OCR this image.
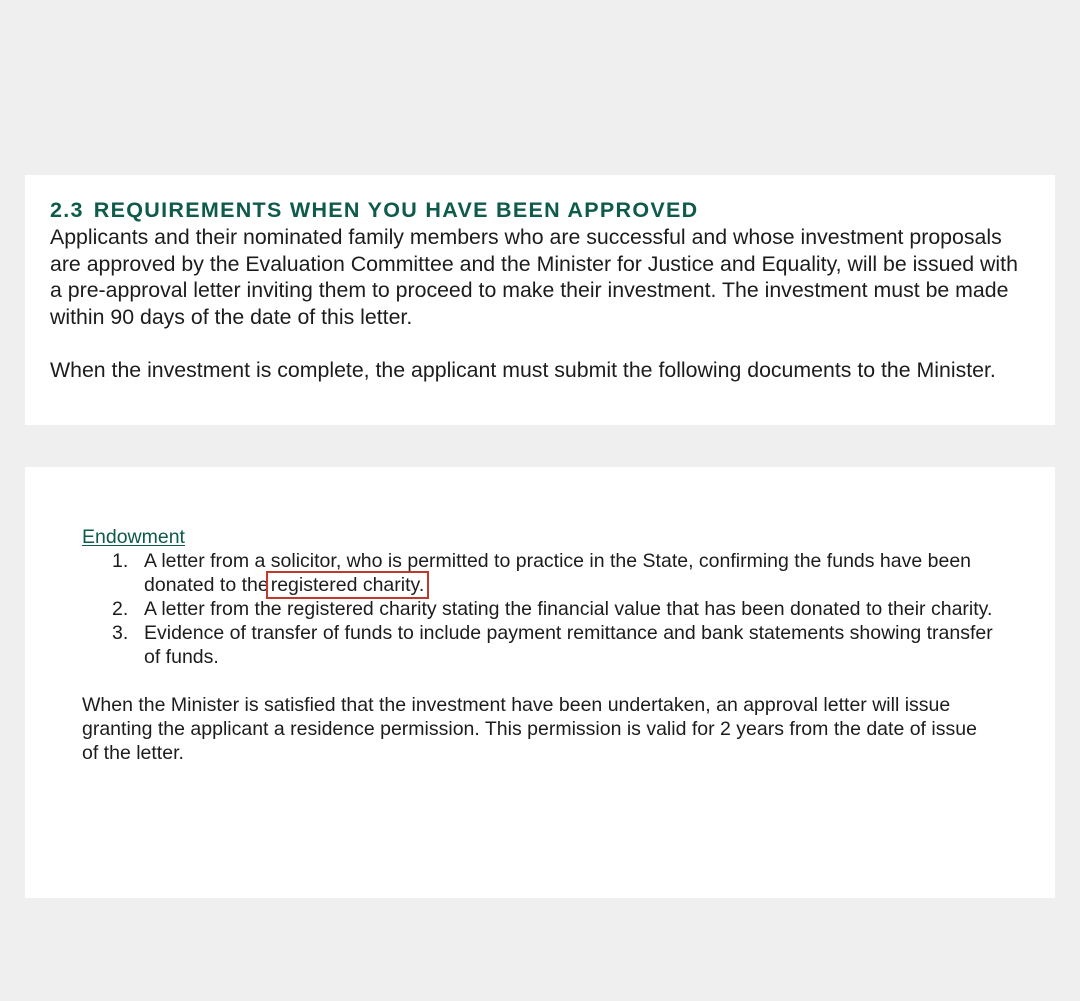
2.3 REQUIREMENTS WHEN YOU HAVE BEEN APPROVED

Applicants and their nominated family members who are successful and whose investment proposals are approved by the Evaluation Committee and the Minister for Justice and Equality, will be issued with a pre-approval letter inviting them to proceed to make their investment. The investment must be made within 90 days of the date of this letter.

When the investment is complete, the applicant must submit the following documents to the Minister.

Endowment
1. A letter from a solicitor, who is permitted to practice in the State, confirming the funds have been donated to the registered charity.
2. A letter from the registered charity stating the financial value that has been donated to their charity.
3. Evidence of transfer of funds to include payment remittance and bank statements showing transfer of funds.

When the Minister is satisfied that the investment have been undertaken, an approval letter will issue granting the applicant a residence permission. This permission is valid for 2 years from the date of issue of the letter.
